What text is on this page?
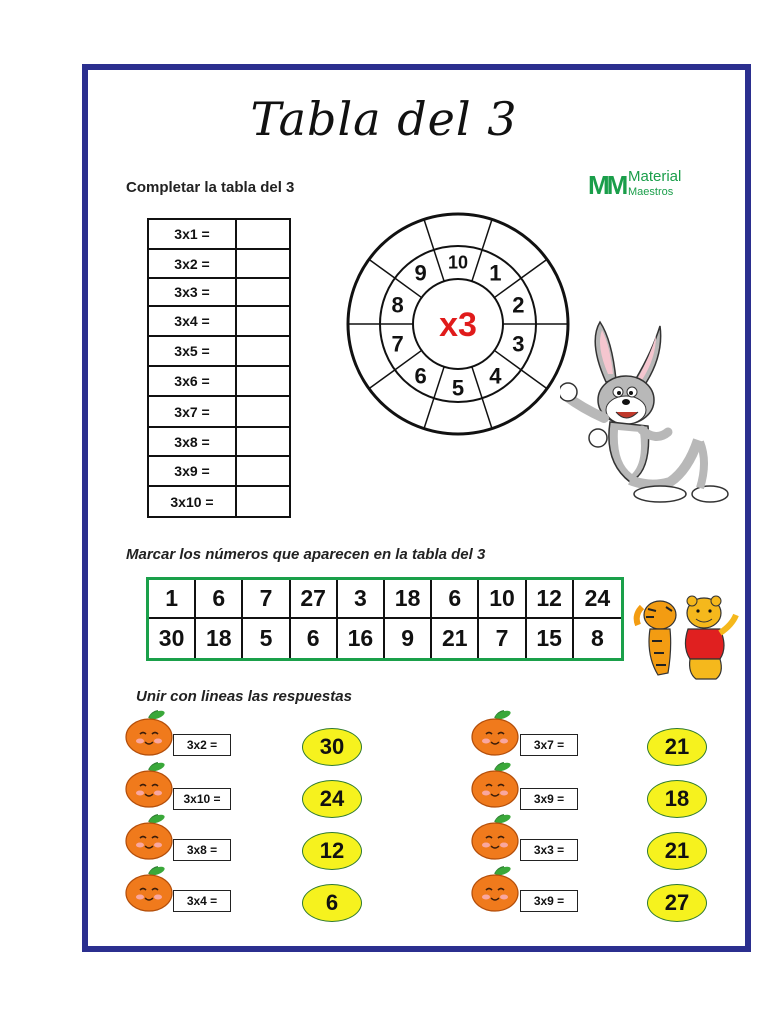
Tabla del 3
MM Material
Maestros
Completar la tabla del 3
3x1 =	
3x2 =	
3x3 =	
3x4 =	
3x5 =	
3x6 =	
3x7 =	
3x8 =	
3x9 =	
3x10 =	
1
2
3
4
5
6
7
8
9 10
x3
Marcar los números que aparecen en la tabla del 3
1	6	7	27	3	18	6	10 12 24
30 18	5	6	16	9	21	7	15	8
Unir con lineas las respuestas
3x2 =	30
3x10 =	24
3x8 =	12
3x4 =	6
3x7 =	21
3x9 =	18
3x3 =	21
3x9 =	27
